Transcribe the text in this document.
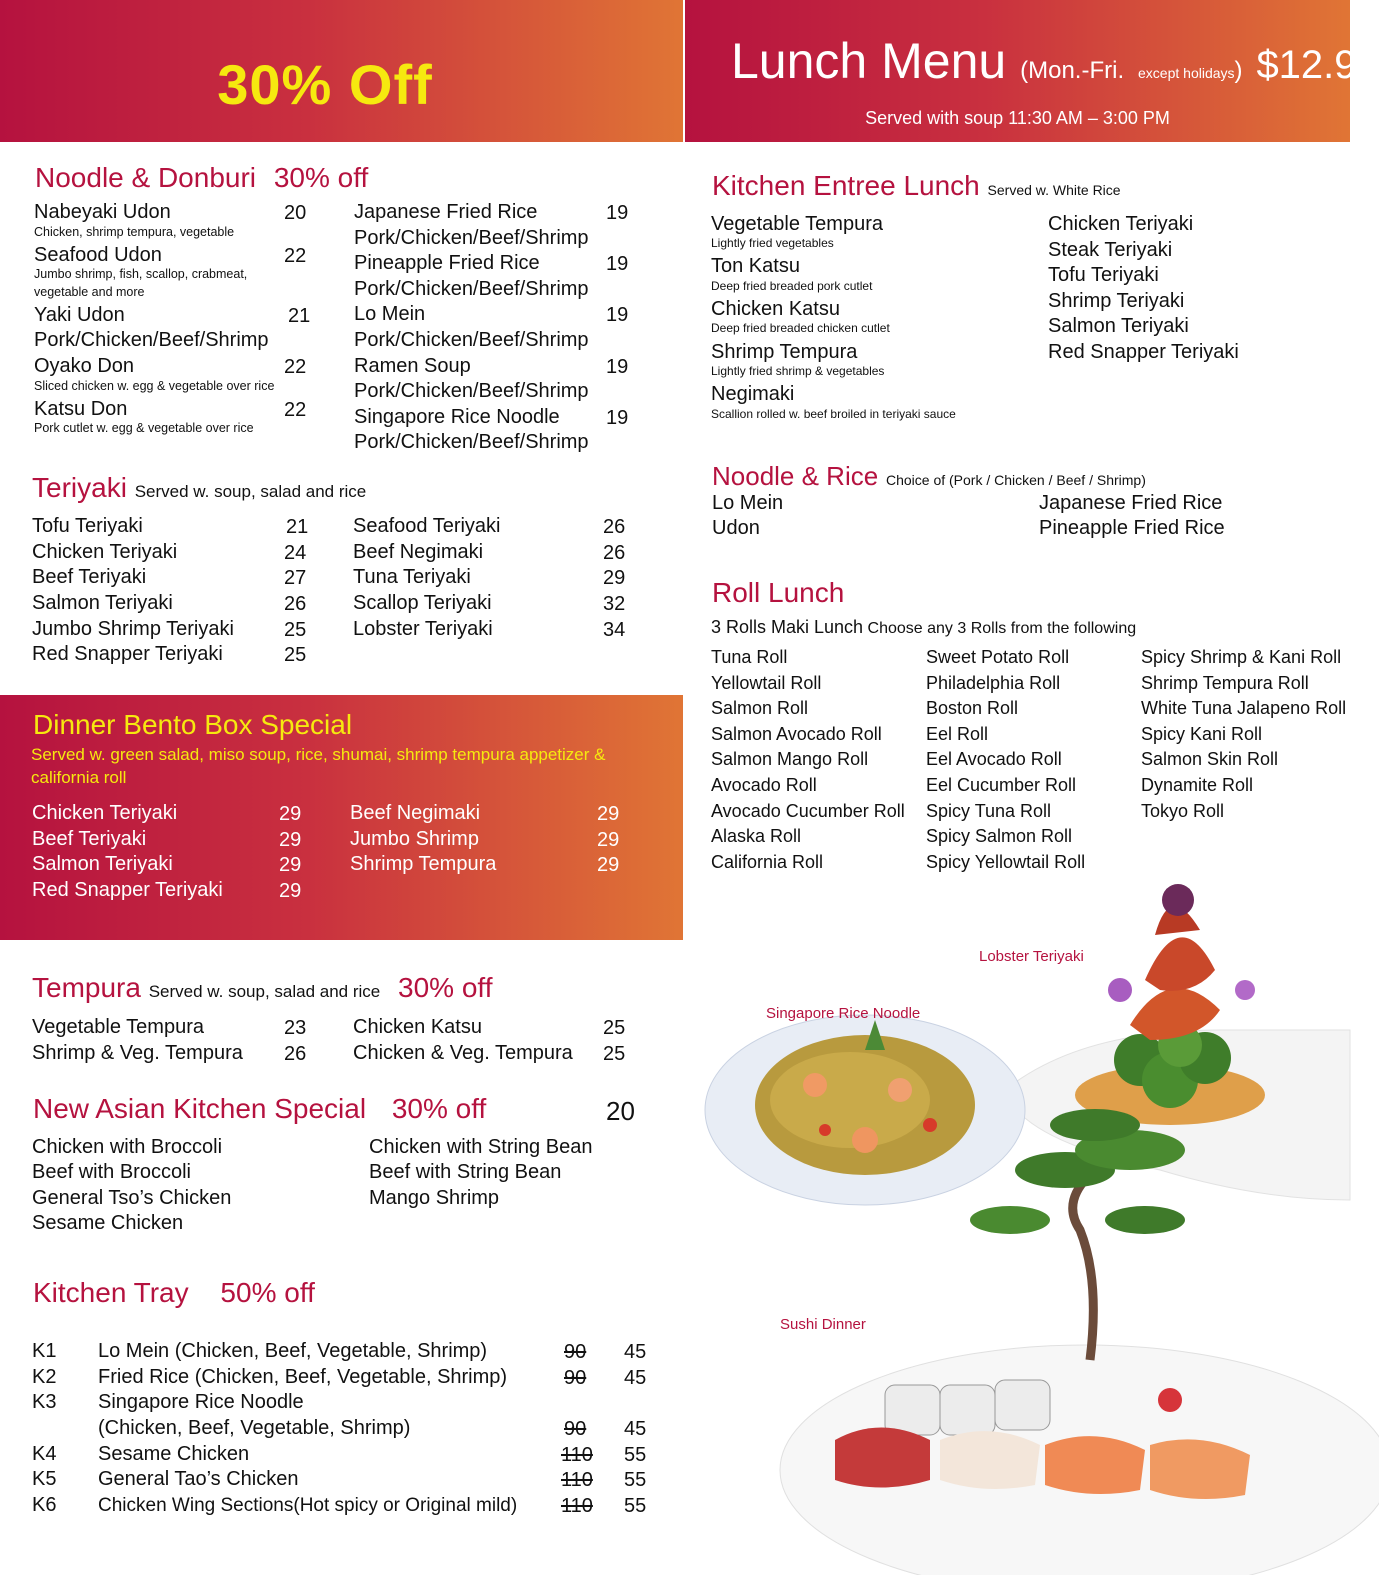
30% Off	Lunch Menu (Mon.-Fri. except holidays) $12.99
Served with soup 11:30 AM – 3:00 PM
Noodle & Donburi 30% off
Nabeyaki Udon	20
Chicken, shrimp tempura, vegetable
Seafood Udon	22
Jumbo shrimp, fish, scallop, crabmeat,
vegetable and more
Yaki Udon	21
Pork/Chicken/Beef/Shrimp
Oyako Don	22
Sliced chicken w. egg & vegetable over rice
Katsu Don	22
Pork cutlet w. egg & vegetable over rice
Japanese Fried Rice	19
Pork/Chicken/Beef/Shrimp
Pineapple Fried Rice	19
Pork/Chicken/Beef/Shrimp
Lo Mein	19
Pork/Chicken/Beef/Shrimp
Ramen Soup	19
Pork/Chicken/Beef/Shrimp
Singapore Rice Noodle 19
Pork/Chicken/Beef/Shrimp
Teriyaki Served w. soup, salad and rice
Tofu Teriyaki	21
Chicken Teriyaki	24
Beef Teriyaki	27
Salmon Teriyaki	26
Jumbo Shrimp Teriyaki	25
Red Snapper Teriyaki	25
Seafood Teriyaki	26
Beef Negimaki	26
Tuna Teriyaki	29
Scallop Teriyaki	32
Lobster Teriyaki	34
Dinner Bento Box Special
Served w. green salad, miso soup, rice, shumai, shrimp tempura appetizer & california roll
Chicken Teriyaki	29
Beef Teriyaki	29
Salmon Teriyaki	29
Red Snapper Teriyaki	29
Beef Negimaki	29
Jumbo Shrimp	29
Shrimp Tempura	29
Tempura Served w. soup, salad and rice 30% off
Vegetable Tempura	23
Shrimp & Veg. Tempura 26
Chicken Katsu	25
Chicken & Veg. Tempura 25
New Asian Kitchen Special 30% off	20
Chicken with Broccoli
Beef with Broccoli
General Tso’s Chicken
Sesame Chicken
Chicken with String Bean
Beef with String Bean
Mango Shrimp
Kitchen Tray 50% off
K1 Lo Mein (Chicken, Beef, Vegetable, Shrimp)	90 45
K2 Fried Rice (Chicken, Beef, Vegetable, Shrimp)	90 45
K3 Singapore Rice Noodle
(Chicken, Beef, Vegetable, Shrimp)	90 45
K4 Sesame Chicken	110 55
K5 General Tao’s Chicken	110 55
K6 Chicken Wing Sections(Hot spicy or Original mild) 110 55
Kitchen Entree Lunch Served w. White Rice
Vegetable Tempura
Lightly fried vegetables
Ton Katsu
Deep fried breaded pork cutlet
Chicken Katsu
Deep fried breaded chicken cutlet
Shrimp Tempura
Lightly fried shrimp & vegetables
Negimaki
Scallion rolled w. beef broiled in teriyaki sauce
Chicken Teriyaki
Steak Teriyaki
Tofu Teriyaki
Shrimp Teriyaki
Salmon Teriyaki
Red Snapper Teriyaki
Noodle & Rice Choice of (Pork / Chicken / Beef / Shrimp)
Lo Mein
Udon
Japanese Fried Rice
Pineapple Fried Rice
Roll Lunch
3 Rolls Maki Lunch Choose any 3 Rolls from the following
Tuna Roll
Yellowtail Roll
Salmon Roll
Salmon Avocado Roll
Salmon Mango Roll
Avocado Roll
Avocado Cucumber Roll
Alaska Roll
California Roll
Sweet Potato Roll
Philadelphia Roll
Boston Roll
Eel Roll
Eel Avocado Roll
Eel Cucumber Roll
Spicy Tuna Roll
Spicy Salmon Roll
Spicy Yellowtail Roll
Spicy Shrimp & Kani Roll
Shrimp Tempura Roll
White Tuna Jalapeno Roll
Spicy Kani Roll
Salmon Skin Roll
Dynamite Roll
Tokyo Roll
Lobster Teriyaki
Singapore Rice Noodle
Sushi Dinner
